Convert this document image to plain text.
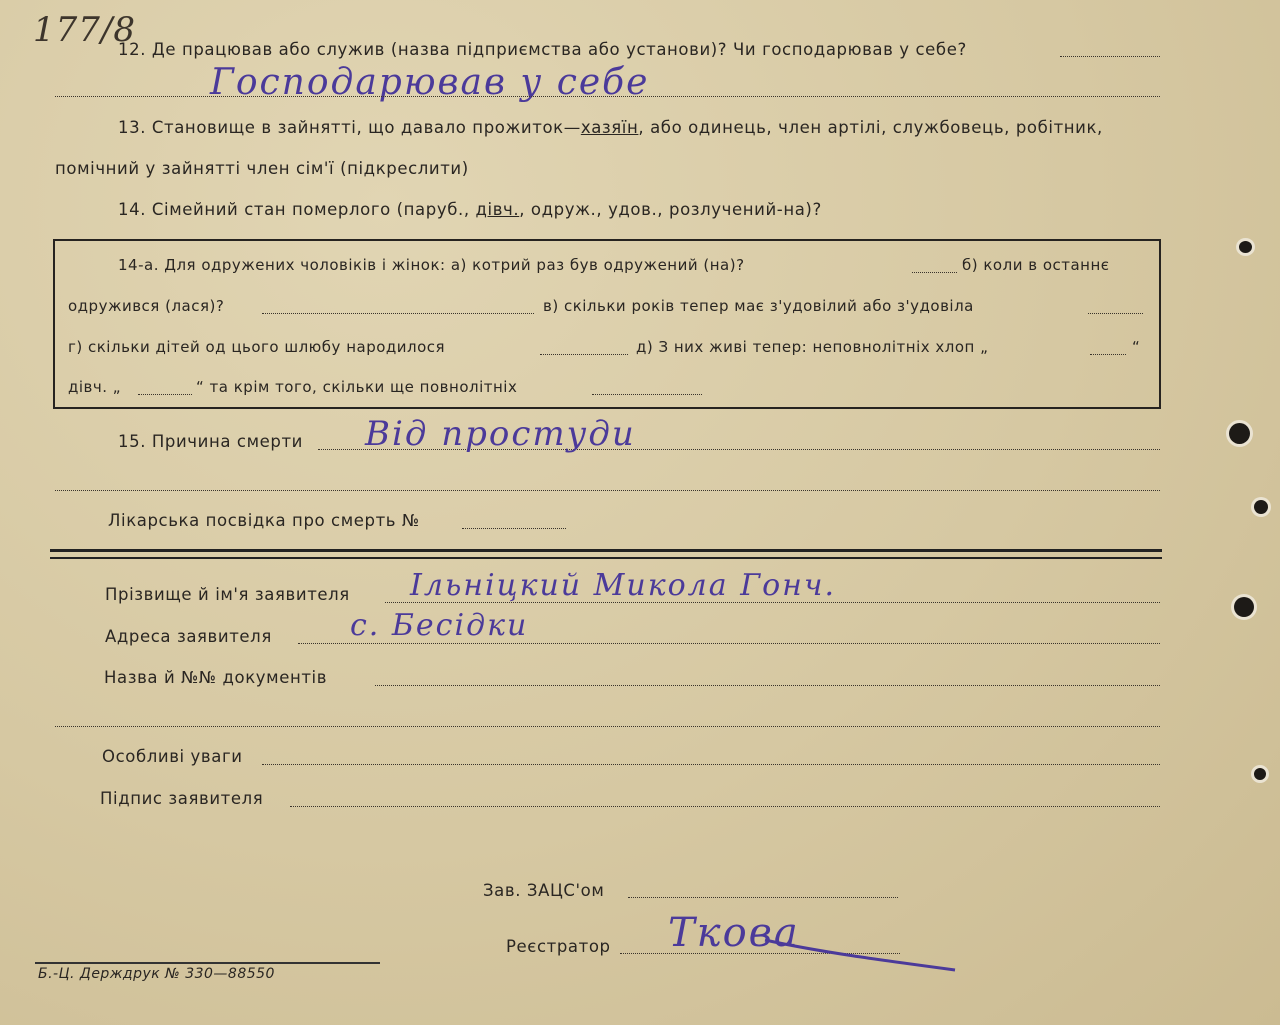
177/8
12. Де працював або служив (назва підприємства або установи)? Чи господарював у себе?
Господарював у себе
13. Становище в зайнятті, що давало прожиток—хазяїн, або одинець, член артілі, службовець, робітник,
помічний у зайнятті член сім'ї (підкреслити)
14. Сімейний стан померлого (паруб., дівч., одруж., удов., розлучений-на)?
14-а. Для одружених чоловіків і жінок: а) котрий раз був одружений (на)?	б) коли в останнє
одружився (лася)?	в) скільки років тепер має з'удовілий або з'удовіла
г) скільки дітей од цього шлюбу народилося	д) З них живі тепер: неповнолітніх хлоп „	“
дівч. „	“ та крім того, скільки ще повнолітніх
15. Причина смерти Від простуди
Лікарська посвідка про смерть №
Прізвище й ім'я заявителя Ільніцкий Микола Гонч.
Адреса заявителя	с. Бесідки
Назва й №№ документів
Особливі уваги
Підпис заявителя
Зав. ЗАЦС'ом
Реєстратор Ткова
Б.-Ц. Держдрук № 330—88550
